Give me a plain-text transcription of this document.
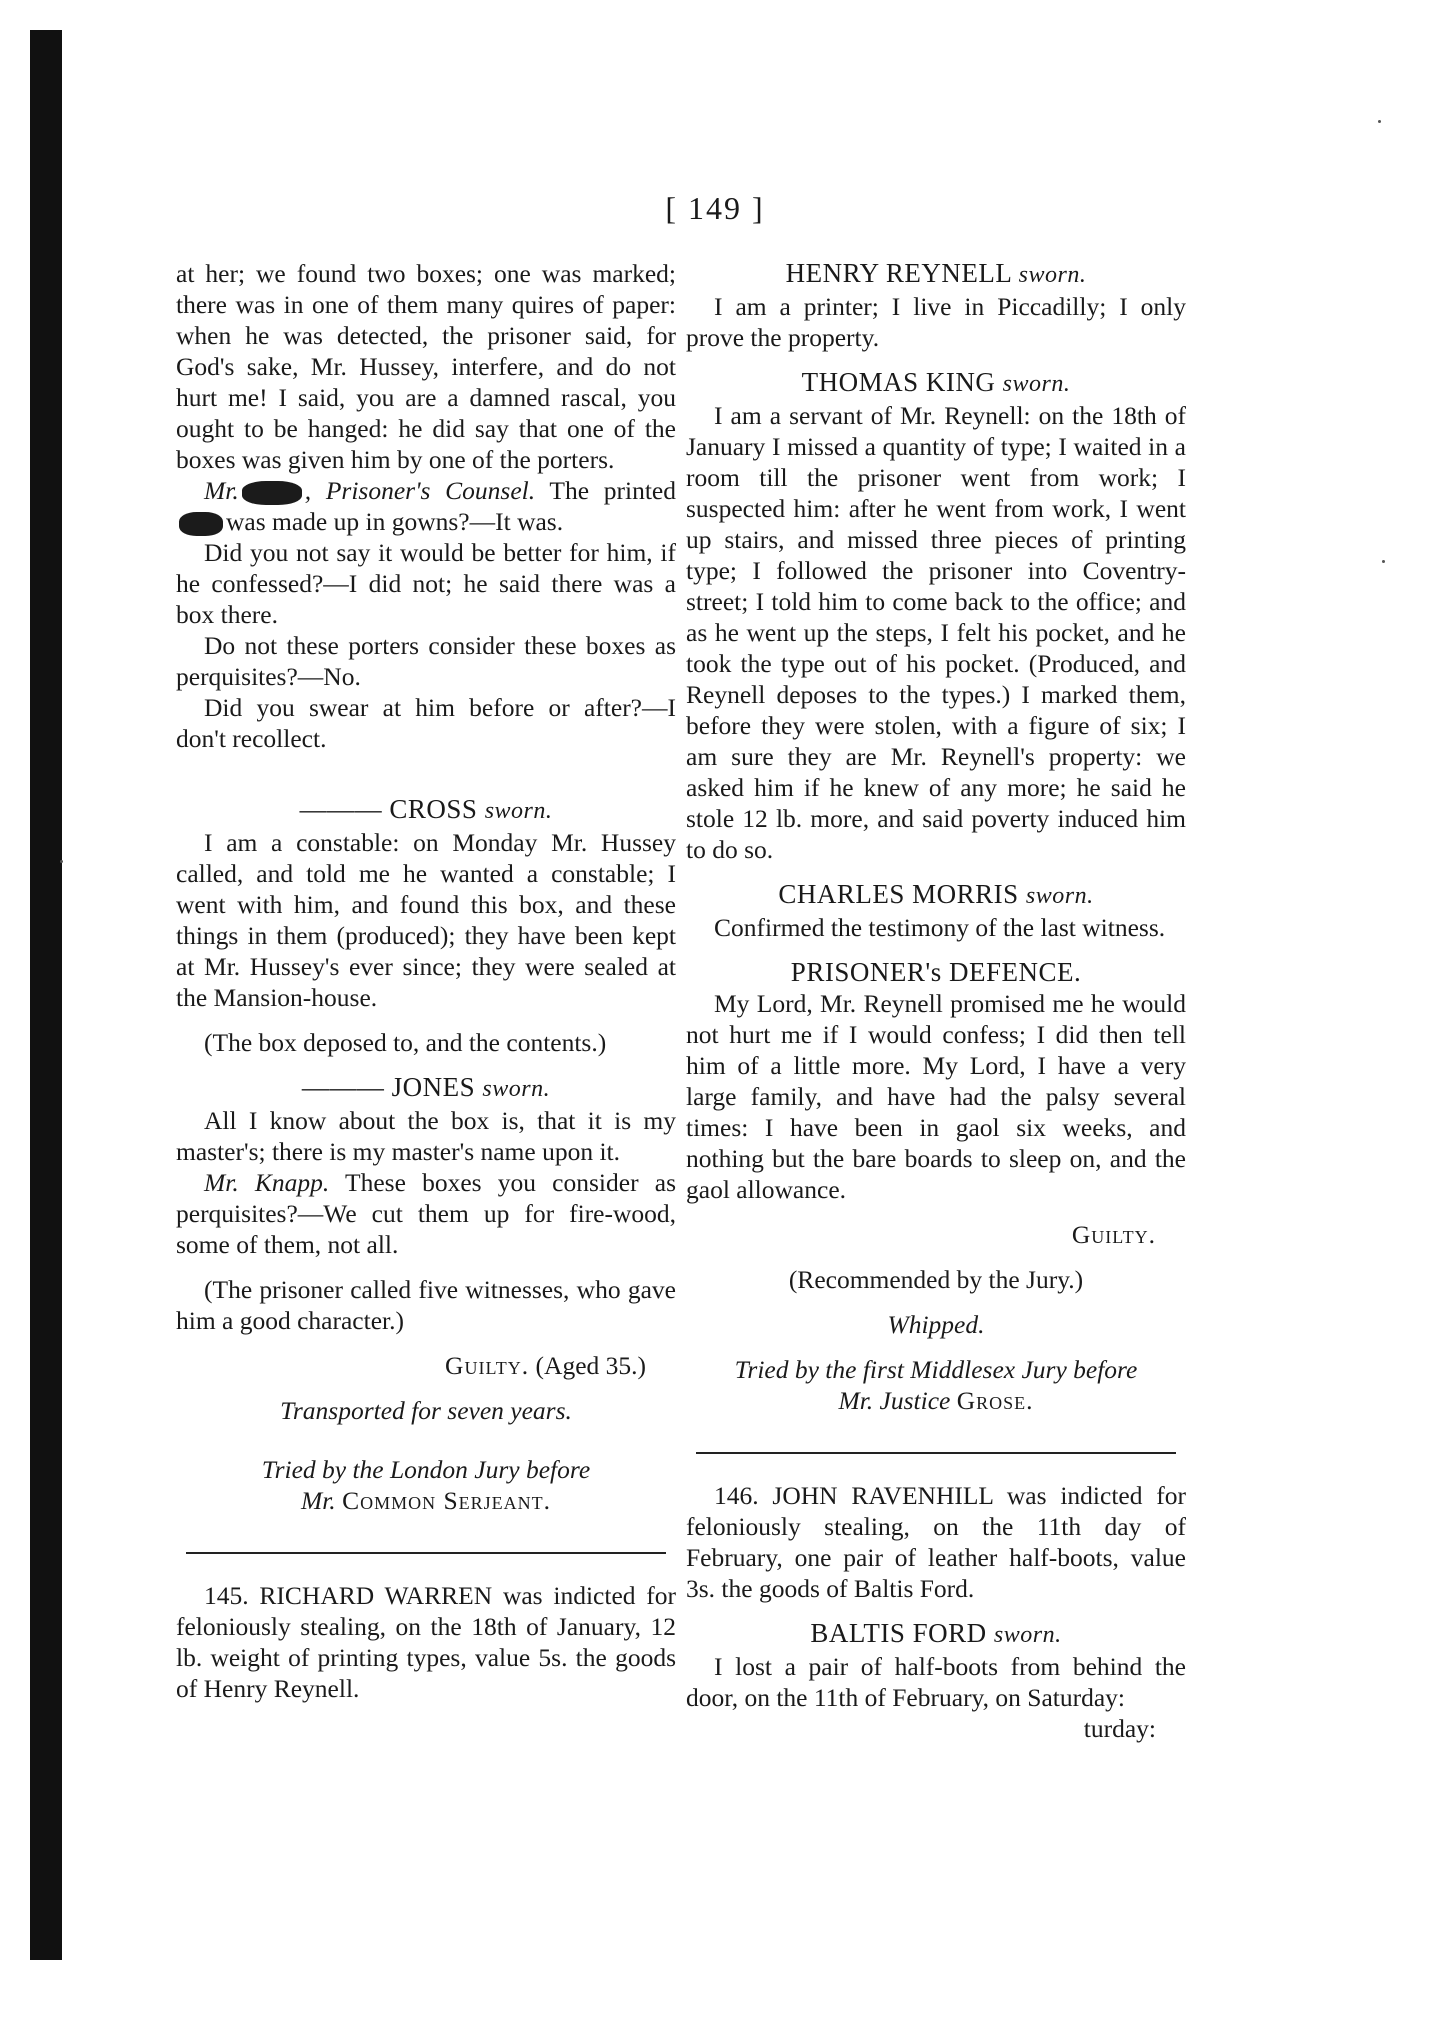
[ 149 ]

at her; we found two boxes; one was marked; there was in one of them many quires of paper: when he was detected, the prisoner said, for God's sake, Mr. Hussey, interfere, and do not hurt me! I said, you are a damned rascal, you ought to be hanged: he did say that one of the boxes was given him by one of the porters.

Mr.	, Prisoner's Counsel. The printedwas made up in gowns?—It was.

Did you not say it would be better for him, if he confessed?—I did not; he said there was a box there.

Do not these porters consider these boxes as perquisites?—No.

Did you swear at him before or after?—I don't recollect.

——— CROSS sworn.

I am a constable: on Monday Mr. Hussey called, and told me he wanted a constable; I went with him, and found this box, and these things in them (produced); they have been kept at Mr. Hussey's ever since; they were sealed at the Mansion-house.

(The box deposed to, and the contents.)

——— JONES sworn.

All I know about the box is, that it is my master's; there is my master's name upon it.

Mr. Knapp. These boxes you consider as perquisites?—We cut them up for fire-wood, some of them, not all.

(The prisoner called five witnesses, who gave him a good character.)

Guilty. (Aged 35.)

Transported for seven years.

Tried by the London Jury before

Mr. Common Serjeant.

145. RICHARD WARREN was indicted for feloniously stealing, on the 18th of January, 12 lb. weight of printing types, value 5s. the goods of Henry Reynell.

HENRY REYNELL sworn.

I am a printer; I live in Piccadilly; I only prove the property.

THOMAS KING sworn.

I am a servant of Mr. Reynell: on the 18th of January I missed a quantity of type; I waited in a room till the prisoner went from work; I suspected him: after he went from work, I went up stairs, and missed three pieces of printing type; I followed the prisoner into Coventry-street; I told him to come back to the office; and as he went up the steps, I felt his pocket, and he took the type out of his pocket. (Produced, and Reynell deposes to the types.) I marked them, before they were stolen, with a figure of six; I am sure they are Mr. Reynell's property: we asked him if he knew of any more; he said he stole 12 lb. more, and said poverty induced him to do so.

CHARLES MORRIS sworn.

Confirmed the testimony of the last witness.

PRISONER's DEFENCE.

My Lord, Mr. Reynell promised me he would not hurt me if I would confess; I did then tell him of a little more. My Lord, I have a very large family, and have had the palsy several times: I have been in gaol six weeks, and nothing but the bare boards to sleep on, and the gaol allowance.

Guilty.

(Recommended by the Jury.)

Whipped.

Tried by the first Middlesex Jury before

Mr. Justice Grose.

146. JOHN RAVENHILL was indicted for feloniously stealing, on the 11th day of February, one pair of leather half-boots, value 3s. the goods of Baltis Ford.

BALTIS FORD sworn.

I lost a pair of half-boots from behind the door, on the 11th of February, on Saturday:

turday:
